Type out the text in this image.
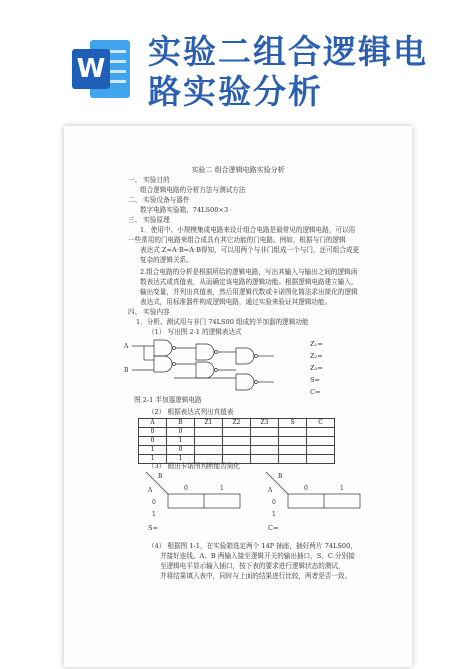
W 实验二组合逻辑电
路实验分析
实验二 组合逻辑电路实验分析
一、 实验目的
组合逻辑电路的分析方法与测试方法
二、 实验设备与器件
数字电路实验箱、74LS00×3
三、 实验原理
1．使用中、小规模集成电路来设计组合电路是最常见的逻辑电路，可以用
一些常用的门电路来组合成具有其它功能的门电路。例如，根据与门的逻辑
表达式 Z=A·B=A·B得知，可以用两个与非门组成一个与门，还可组合成更
复杂的逻辑关系。
2.组合电路的分析是根据所给的逻辑电路，写出其输入与输出之间的逻辑函
数表达式或真值表，从而确定该电路的逻辑功能。根据逻辑电路建立输入，
输出变量，并列出真值表，然后用逻辑代数或卡诺图化简法求出简化的逻辑
表达式，用标准器件构成逻辑电路，通过实验来验证其逻辑功能。
四、 实验内容
1．分析、测试用与非门 74LS00 组成的半加器的逻辑功能
（1） 写出图 2-1 的逻辑表达式
A
B
Z₁=
Z₂=
Z₃=
S=
C=
图 2-1 半加器逻辑电路
（2） 根据表达式列出真值表
A	B	Z1	Z2	Z3	S	C
0	0					
0	1					
1	0					
1	1					
（3） 画出卡诺图判断能否简化
B
A	0	1
0
1
S=
B
A	0	1
0
1
C=
（4） 根据图 1-1，在实验箱选定两个 14P 插座，插好两片 74LS00，
并接好连线。A、B 两输入接至逻辑开关的输出插口，S、C 分别接
至逻辑电平显示输入插口，按下表的要求进行逻辑状态的测试，
并将结果填入表中，同时与上面的结果进行比较，两者是否一致。
